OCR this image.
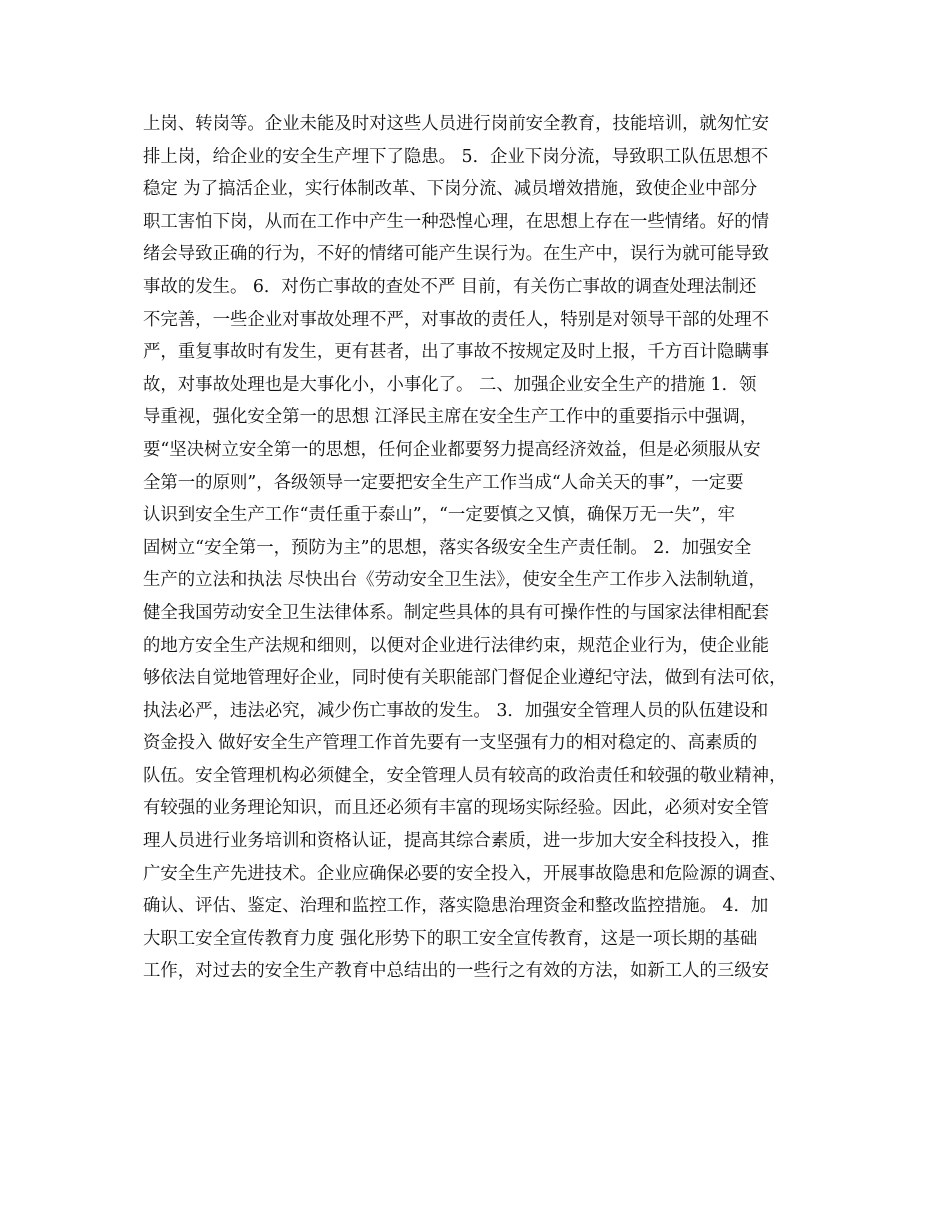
上岗、转岗等。企业未能及时对这些人员进行岗前安全教育，技能培训，就匆忙安
排上岗，给企业的安全生产埋下了隐患。 5．企业下岗分流，导致职工队伍思想不
稳定 为了搞活企业，实行体制改革、下岗分流、减员增效措施，致使企业中部分
职工害怕下岗，从而在工作中产生一种恐惶心理，在思想上存在一些情绪。好的情
绪会导致正确的行为，不好的情绪可能产生误行为。在生产中，误行为就可能导致
事故的发生。 6．对伤亡事故的查处不严 目前，有关伤亡事故的调查处理法制还
不完善，一些企业对事故处理不严，对事故的责任人，特别是对领导干部的处理不
严，重复事故时有发生，更有甚者，出了事故不按规定及时上报，千方百计隐瞒事
故，对事故处理也是大事化小，小事化了。 二、加强企业安全生产的措施 1．领
导重视，强化安全第一的思想 江泽民主席在安全生产工作中的重要指示中强调，
要“坚决树立安全第一的思想，任何企业都要努力提高经济效益，但是必须服从安
全第一的原则”，各级领导一定要把安全生产工作当成“人命关天的事”，一定要
认识到安全生产工作“责任重于泰山”，“一定要慎之又慎，确保万无一失”，牢
固树立“安全第一，预防为主”的思想，落实各级安全生产责任制。 2．加强安全
生产的立法和执法 尽快出台《劳动安全卫生法》，使安全生产工作步入法制轨道，
健全我国劳动安全卫生法律体系。制定些具体的具有可操作性的与国家法律相配套
的地方安全生产法规和细则，以便对企业进行法律约束，规范企业行为，使企业能
够依法自觉地管理好企业，同时使有关职能部门督促企业遵纪守法，做到有法可依，
执法必严，违法必究，减少伤亡事故的发生。 3．加强安全管理人员的队伍建设和
资金投入 做好安全生产管理工作首先要有一支坚强有力的相对稳定的、高素质的
队伍。安全管理机构必须健全，安全管理人员有较高的政治责任和较强的敬业精神，
有较强的业务理论知识，而且还必须有丰富的现场实际经验。因此，必须对安全管
理人员进行业务培训和资格认证，提高其综合素质，进一步加大安全科技投入，推
广安全生产先进技术。企业应确保必要的安全投入，开展事故隐患和危险源的调查、
确认、评估、鉴定、治理和监控工作，落实隐患治理资金和整改监控措施。 4．加
大职工安全宣传教育力度 强化形势下的职工安全宣传教育，这是一项长期的基础
工作，对过去的安全生产教育中总结出的一些行之有效的方法，如新工人的三级安
